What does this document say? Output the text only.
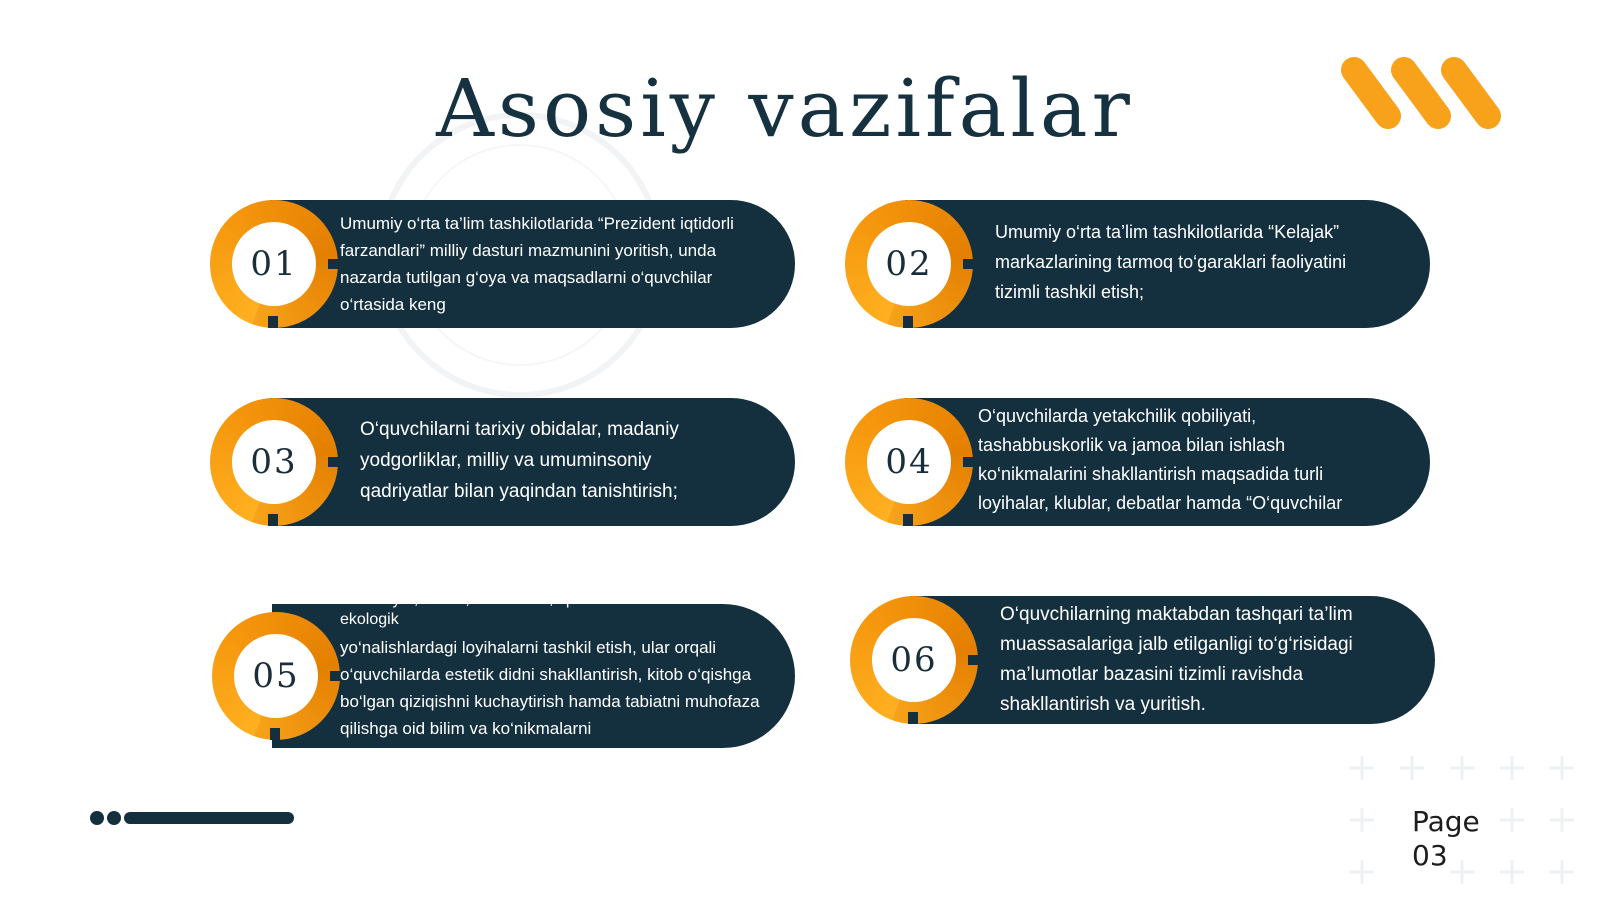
Asosiy vazifalar
01
Umumiy o‘rta ta’lim tashkilotlarida “Prezident iqtidorli farzandlari” milliy dasturi mazmunini yoritish, unda nazarda tutilgan g‘oya va maqsadlarni o‘quvchilar o‘rtasida keng
02
Umumiy o‘rta ta’lim tashkilotlarida “Kelajak” markazlarining tarmoq to‘garaklari faoliyatini tizimli tashkil etish;
03
O‘quvchilarni tarixiy obidalar, madaniy yodgorliklar, milliy va umuminsoniy qadriyatlar bilan yaqindan tanishtirish;
04
O‘quvchilarda yetakchilik qobiliyati, tashabbuskorlik va jamoa bilan ishlash ko‘nikmalarini shakllantirish maqsadida turli loyihalar, klublar, debatlar hamda “O‘quvchilar
05
Madaniyat, san’at, kitobxonlik, sport va ekologik
yo‘nalishlardagi loyihalarni tashkil etish, ular orqali o‘quvchilarda estetik didni shakllantirish, kitob o‘qishga bo‘lgan qiziqishni kuchaytirish hamda tabiatni muhofaza qilishga oid bilim va ko‘nikmalarni
06
O‘quvchilarning maktabdan tashqari ta’lim muassasalariga jalb etilganligi to‘g‘risidagi ma’lumotlar bazasini tizimli ravishda shakllantirish va yuritish.
Page
03
